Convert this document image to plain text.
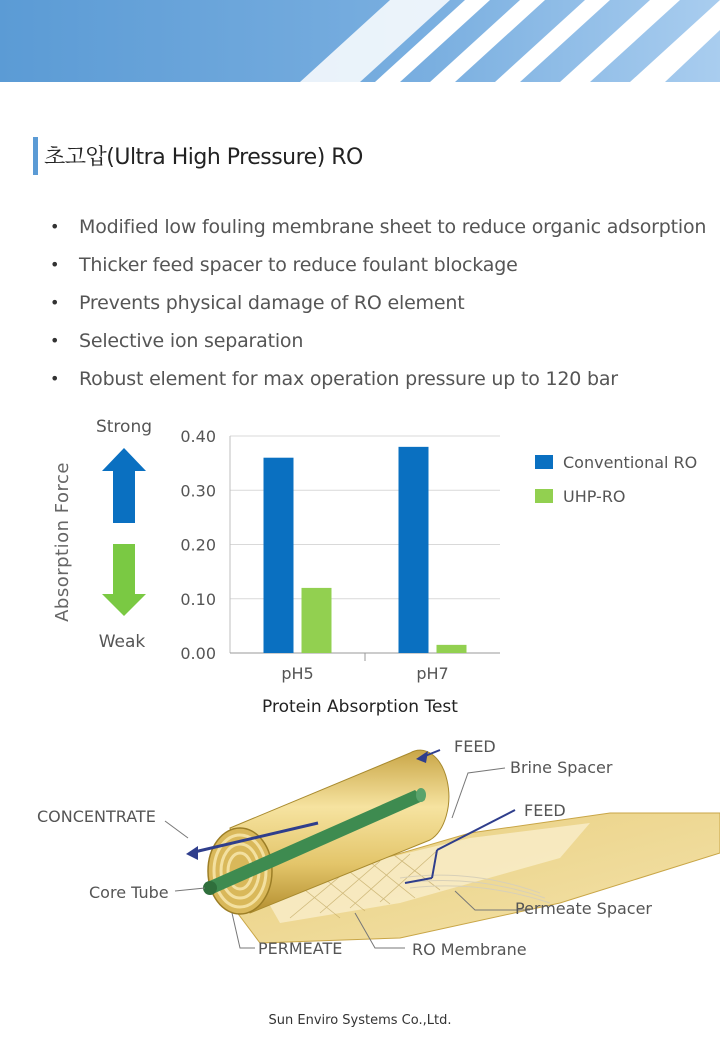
초고압(Ultra High Pressure) RO
• Modified low fouling membrane sheet to reduce organic adsorption
• Thicker feed spacer to reduce foulant blockage
• Prevents physical damage of RO element
• Selective ion separation
• Robust element for max operation pressure up to 120 bar
Strong
Weak
Absorption Force
0.00
0.10
0.20
0.30
0.40
pH5	pH7
Protein Absorption Test
Conventional RO
UHP-RO
FEED
Brine Spacer
FEED
CONCENTRATE
Core Tube
Permeate Spacer
PERMEATE	RO Membrane
Sun Enviro Systems Co.,Ltd.
